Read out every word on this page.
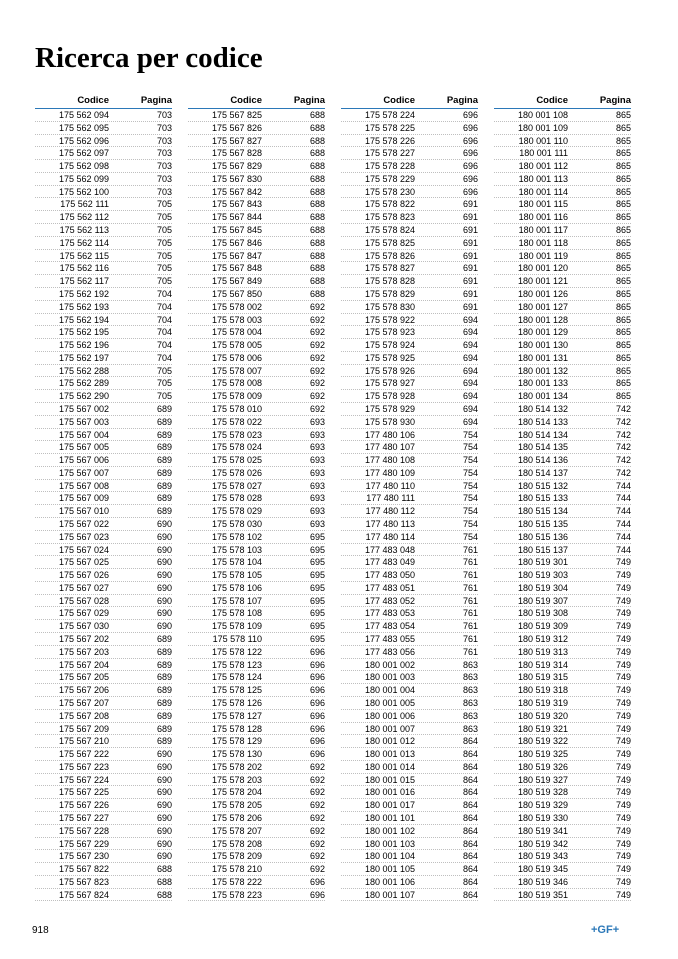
Ricerca per codice
Codice	Pagina
175 562 094	703
175 562 095	703
175 562 096	703
175 562 097	703
175 562 098	703
175 562 099	703
175 562 100	703
175 562 111	705
175 562 112	705
175 562 113	705
175 562 114	705
175 562 115	705
175 562 116	705
175 562 117	705
175 562 192	704
175 562 193	704
175 562 194	704
175 562 195	704
175 562 196	704
175 562 197	704
175 562 288	705
175 562 289	705
175 562 290	705
175 567 002	689
175 567 003	689
175 567 004	689
175 567 005	689
175 567 006	689
175 567 007	689
175 567 008	689
175 567 009	689
175 567 010	689
175 567 022	690
175 567 023	690
175 567 024	690
175 567 025	690
175 567 026	690
175 567 027	690
175 567 028	690
175 567 029	690
175 567 030	690
175 567 202	689
175 567 203	689
175 567 204	689
175 567 205	689
175 567 206	689
175 567 207	689
175 567 208	689
175 567 209	689
175 567 210	689
175 567 222	690
175 567 223	690
175 567 224	690
175 567 225	690
175 567 226	690
175 567 227	690
175 567 228	690
175 567 229	690
175 567 230	690
175 567 822	688
175 567 823	688
175 567 824	688
Codice	Pagina
175 567 825	688
175 567 826	688
175 567 827	688
175 567 828	688
175 567 829	688
175 567 830	688
175 567 842	688
175 567 843	688
175 567 844	688
175 567 845	688
175 567 846	688
175 567 847	688
175 567 848	688
175 567 849	688
175 567 850	688
175 578 002	692
175 578 003	692
175 578 004	692
175 578 005	692
175 578 006	692
175 578 007	692
175 578 008	692
175 578 009	692
175 578 010	692
175 578 022	693
175 578 023	693
175 578 024	693
175 578 025	693
175 578 026	693
175 578 027	693
175 578 028	693
175 578 029	693
175 578 030	693
175 578 102	695
175 578 103	695
175 578 104	695
175 578 105	695
175 578 106	695
175 578 107	695
175 578 108	695
175 578 109	695
175 578 110	695
175 578 122	696
175 578 123	696
175 578 124	696
175 578 125	696
175 578 126	696
175 578 127	696
175 578 128	696
175 578 129	696
175 578 130	696
175 578 202	692
175 578 203	692
175 578 204	692
175 578 205	692
175 578 206	692
175 578 207	692
175 578 208	692
175 578 209	692
175 578 210	692
175 578 222	696
175 578 223	696
Codice	Pagina
175 578 224	696
175 578 225	696
175 578 226	696
175 578 227	696
175 578 228	696
175 578 229	696
175 578 230	696
175 578 822	691
175 578 823	691
175 578 824	691
175 578 825	691
175 578 826	691
175 578 827	691
175 578 828	691
175 578 829	691
175 578 830	691
175 578 922	694
175 578 923	694
175 578 924	694
175 578 925	694
175 578 926	694
175 578 927	694
175 578 928	694
175 578 929	694
175 578 930	694
177 480 106	754
177 480 107	754
177 480 108	754
177 480 109	754
177 480 110	754
177 480 111	754
177 480 112	754
177 480 113	754
177 480 114	754
177 483 048	761
177 483 049	761
177 483 050	761
177 483 051	761
177 483 052	761
177 483 053	761
177 483 054	761
177 483 055	761
177 483 056	761
180 001 002	863
180 001 003	863
180 001 004	863
180 001 005	863
180 001 006	863
180 001 007	863
180 001 012	864
180 001 013	864
180 001 014	864
180 001 015	864
180 001 016	864
180 001 017	864
180 001 101	864
180 001 102	864
180 001 103	864
180 001 104	864
180 001 105	864
180 001 106	864
180 001 107	864
Codice	Pagina
180 001 108	865
180 001 109	865
180 001 110	865
180 001 111	865
180 001 112	865
180 001 113	865
180 001 114	865
180 001 115	865
180 001 116	865
180 001 117	865
180 001 118	865
180 001 119	865
180 001 120	865
180 001 121	865
180 001 126	865
180 001 127	865
180 001 128	865
180 001 129	865
180 001 130	865
180 001 131	865
180 001 132	865
180 001 133	865
180 001 134	865
180 514 132	742
180 514 133	742
180 514 134	742
180 514 135	742
180 514 136	742
180 514 137	742
180 515 132	744
180 515 133	744
180 515 134	744
180 515 135	744
180 515 136	744
180 515 137	744
180 519 301	749
180 519 303	749
180 519 304	749
180 519 307	749
180 519 308	749
180 519 309	749
180 519 312	749
180 519 313	749
180 519 314	749
180 519 315	749
180 519 318	749
180 519 319	749
180 519 320	749
180 519 321	749
180 519 322	749
180 519 325	749
180 519 326	749
180 519 327	749
180 519 328	749
180 519 329	749
180 519 330	749
180 519 341	749
180 519 342	749
180 519 343	749
180 519 345	749
180 519 346	749
180 519 351	749
918	+GF+
